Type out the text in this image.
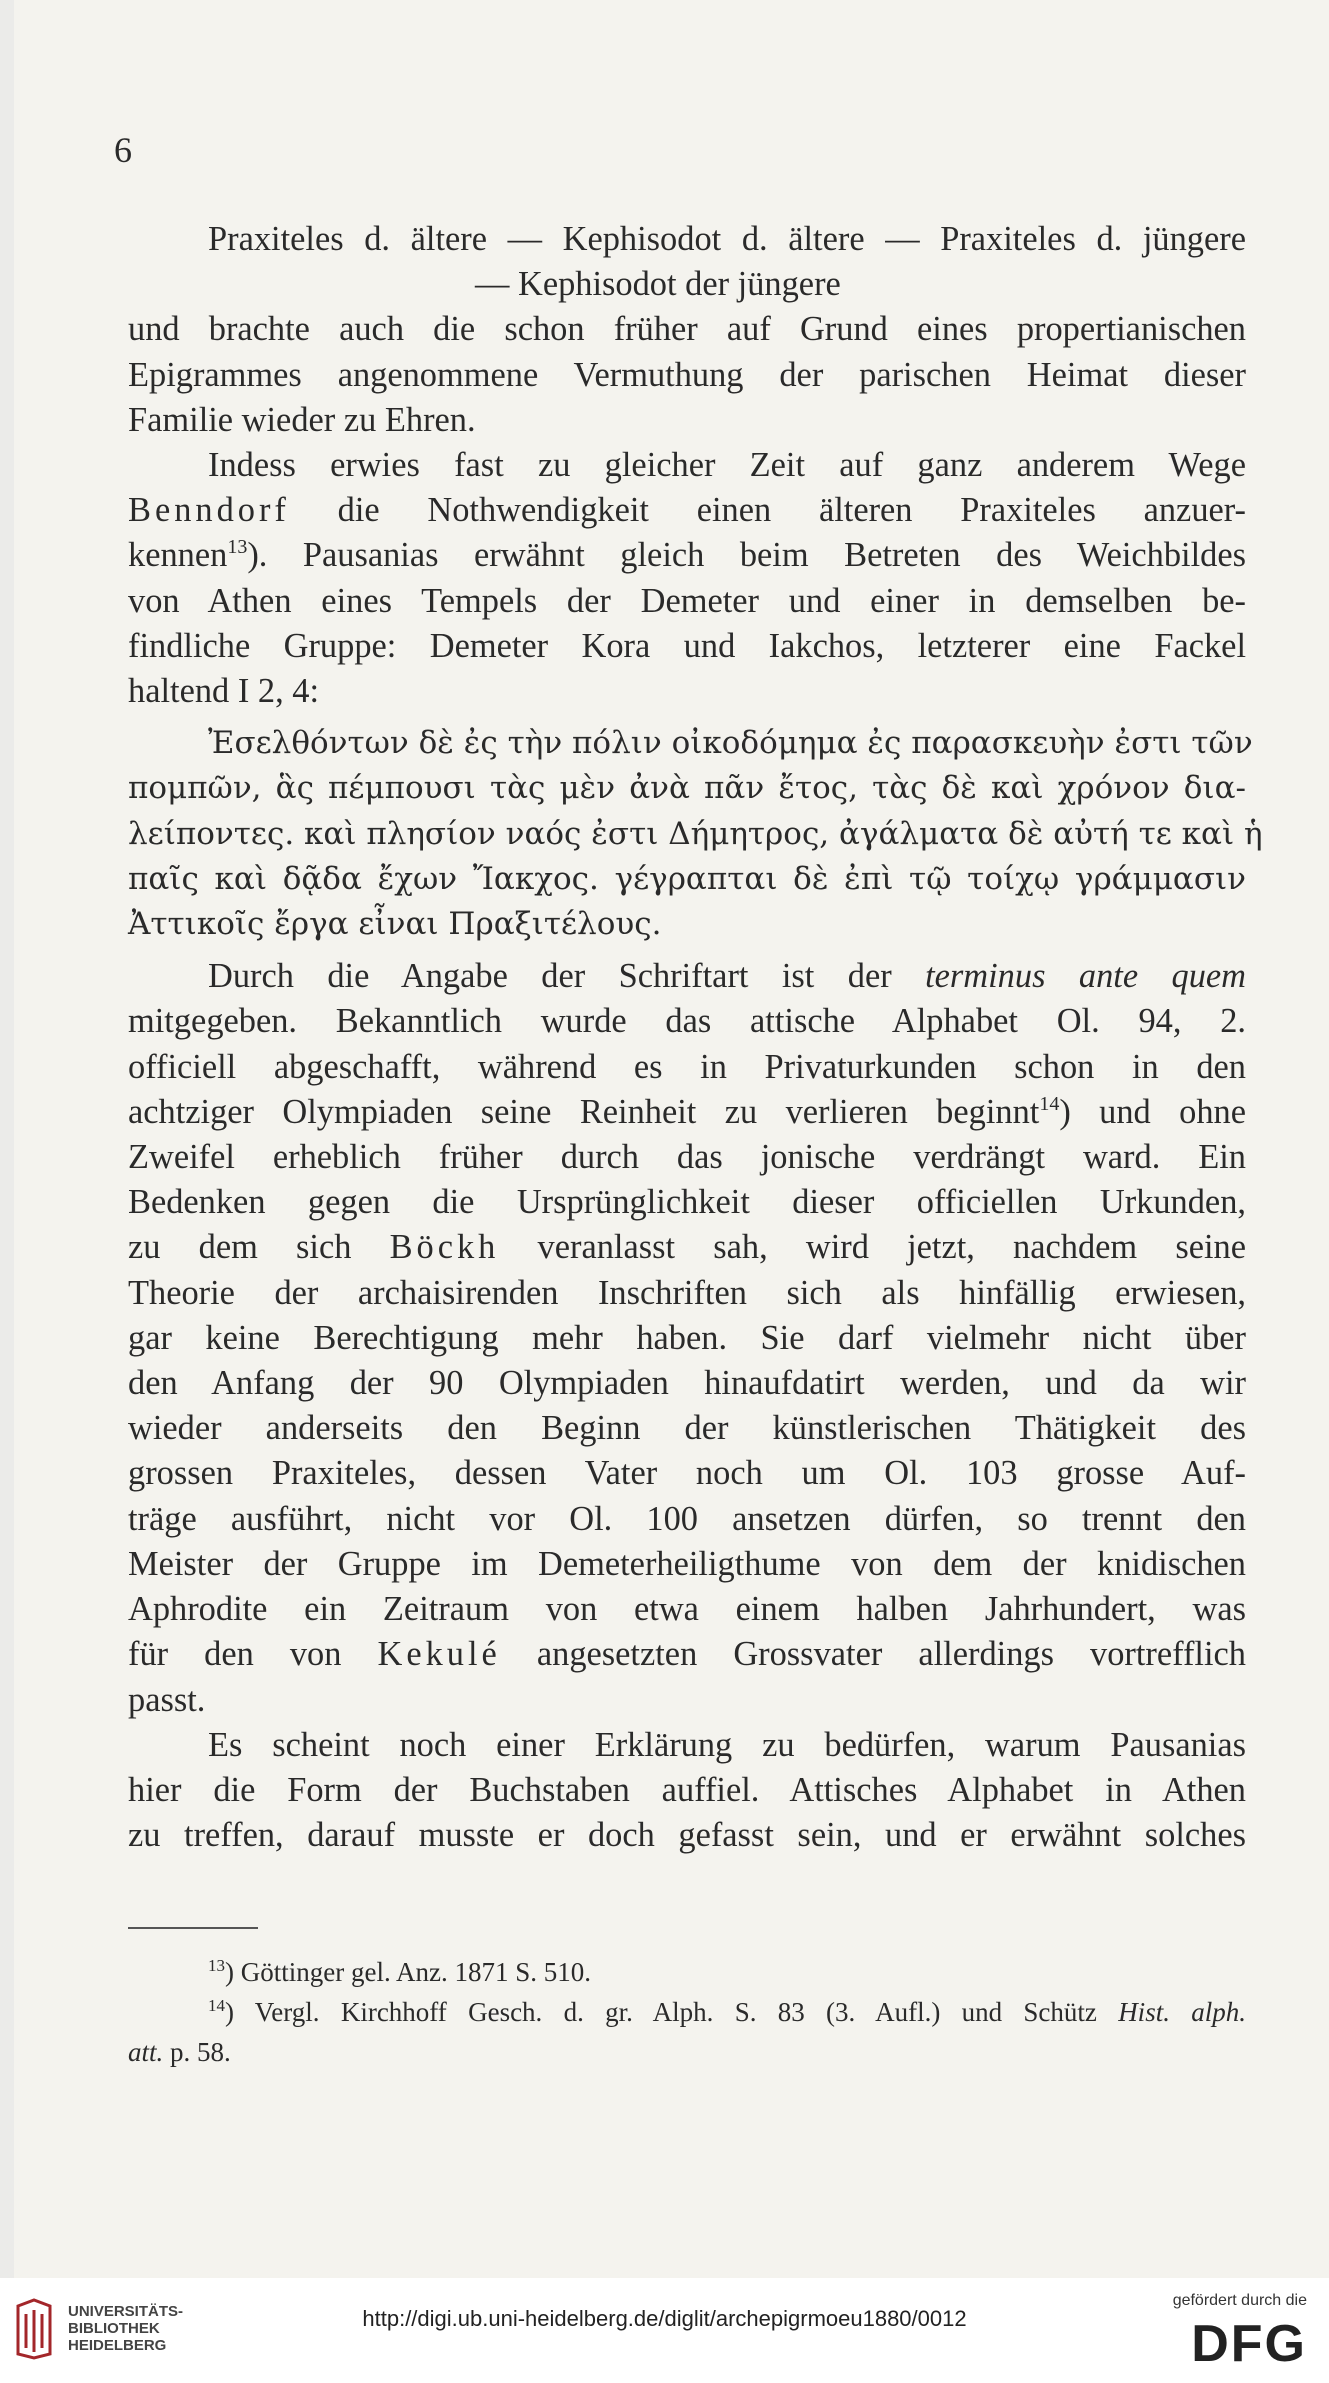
6
Praxiteles d. ältere — Kephisodot d. ältere — Praxiteles d. jüngere
— Kephisodot der jüngere
und brachte auch die schon früher auf Grund eines propertianischen
Epigrammes angenommene Vermuthung der parischen Heimat dieser
Familie wieder zu Ehren.
Indess erwies fast zu gleicher Zeit auf ganz anderem Wege
Benndorf die Nothwendigkeit einen älteren Praxiteles anzuer-
kennen$^{13}$). Pausanias erwähnt gleich beim Betreten des Weichbildes
von Athen eines Tempels der Demeter und einer in demselben be-
findliche Gruppe: Demeter Kora und Iakchos, letzterer eine Fackel
haltend I 2, 4:
Ἐσελθόντων δὲ ἐς τὴν πόλιν οἰκοδόμημα ἐς παρασκευὴν ἐστι τῶν
πομπῶν, ἃς πέμπουσι τὰς μὲν ἀνὰ πᾶν ἔτος, τὰς δὲ καὶ χρόνον δια-
λείποντες. καὶ πλησίον ναός ἐστι Δήμητρος, ἀγάλματα δὲ αὐτή τε καὶ ἡ
παῖς καὶ δᾷδα ἔχων Ἴακχος. γέγραπται δὲ ἐπὶ τῷ τοίχῳ γράμμασιν
Ἀττικοῖς ἔργα εἶναι Πραξιτέλους.
Durch die Angabe der Schriftart ist der terminus ante quem
mitgegeben. Bekanntlich wurde das attische Alphabet Ol. 94, 2.
officiell abgeschafft, während es in Privaturkunden schon in den
achtziger Olympiaden seine Reinheit zu verlieren beginnt$^{14}$) und ohne
Zweifel erheblich früher durch das jonische verdrängt ward. Ein
Bedenken gegen die Ursprünglichkeit dieser officiellen Urkunden,
zu dem sich Böckh veranlasst sah, wird jetzt, nachdem seine
Theorie der archaisirenden Inschriften sich als hinfällig erwiesen,
gar keine Berechtigung mehr haben. Sie darf vielmehr nicht über
den Anfang der 90 Olympiaden hinaufdatirt werden, und da wir
wieder anderseits den Beginn der künstlerischen Thätigkeit des
grossen Praxiteles, dessen Vater noch um Ol. 103 grosse Auf-
träge ausführt, nicht vor Ol. 100 ansetzen dürfen, so trennt den
Meister der Gruppe im Demeterheiligthume von dem der knidischen
Aphrodite ein Zeitraum von etwa einem halben Jahrhundert, was
für den von Kekulé angesetzten Grossvater allerdings vortrefflich
passt.
Es scheint noch einer Erklärung zu bedürfen, warum Pausanias
hier die Form der Buchstaben auffiel. Attisches Alphabet in Athen
zu treffen, darauf musste er doch gefasst sein, und er erwähnt solches
$^{13}$) Göttinger gel. Anz. 1871 S. 510.
$^{14}$) Vergl. Kirchhoff Gesch. d. gr. Alph. S. 83 (3. Aufl.) und Schütz Hist. alph.
att. p. 58.
UNIVERSITÄTS-
BIBLIOTHEK
HEIDELBERG
http://digi.ub.uni-heidelberg.de/diglit/archepigrmoeu1880/0012
gefördert durch die
DFG
